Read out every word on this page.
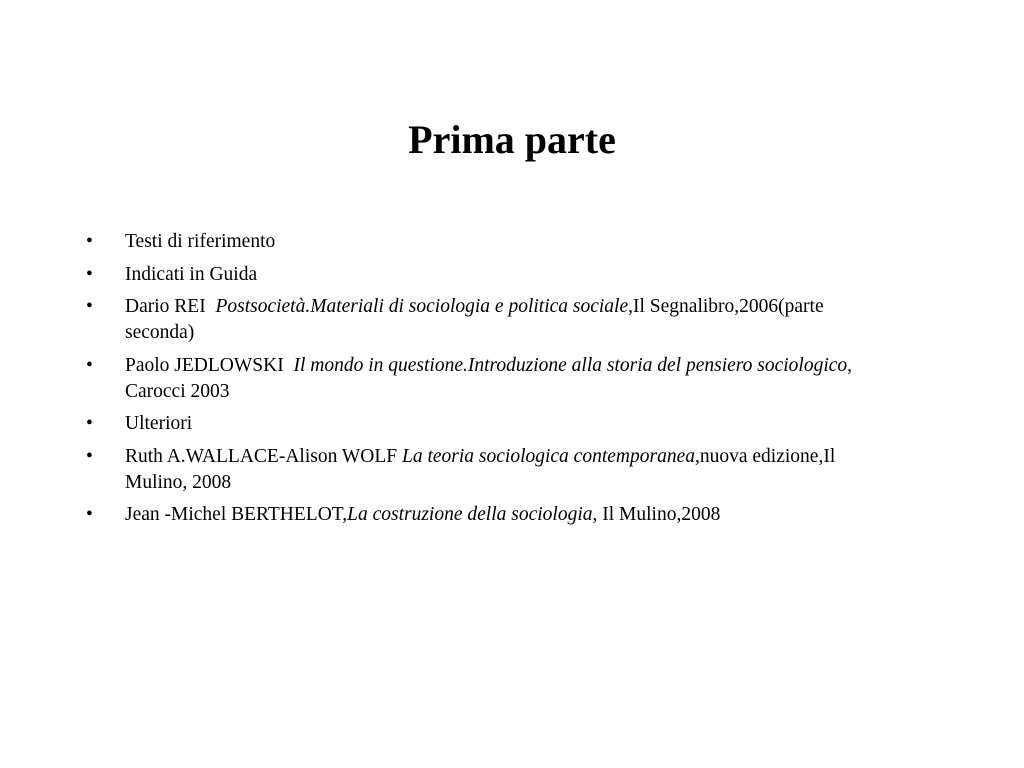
Prima parte
• Testi di riferimento
• Indicati in Guida
• Dario REI  Postsocietà.Materiali di sociologia e politica sociale,Il Segnalibro,2006(parte seconda)
• Paolo JEDLOWSKI  Il mondo in questione.Introduzione alla storia del pensiero sociologico, Carocci 2003
• Ulteriori
• Ruth A.WALLACE-Alison WOLF La teoria sociologica contemporanea,nuova edizione,Il Mulino, 2008
• Jean -Michel BERTHELOT,La costruzione della sociologia, Il Mulino,2008
